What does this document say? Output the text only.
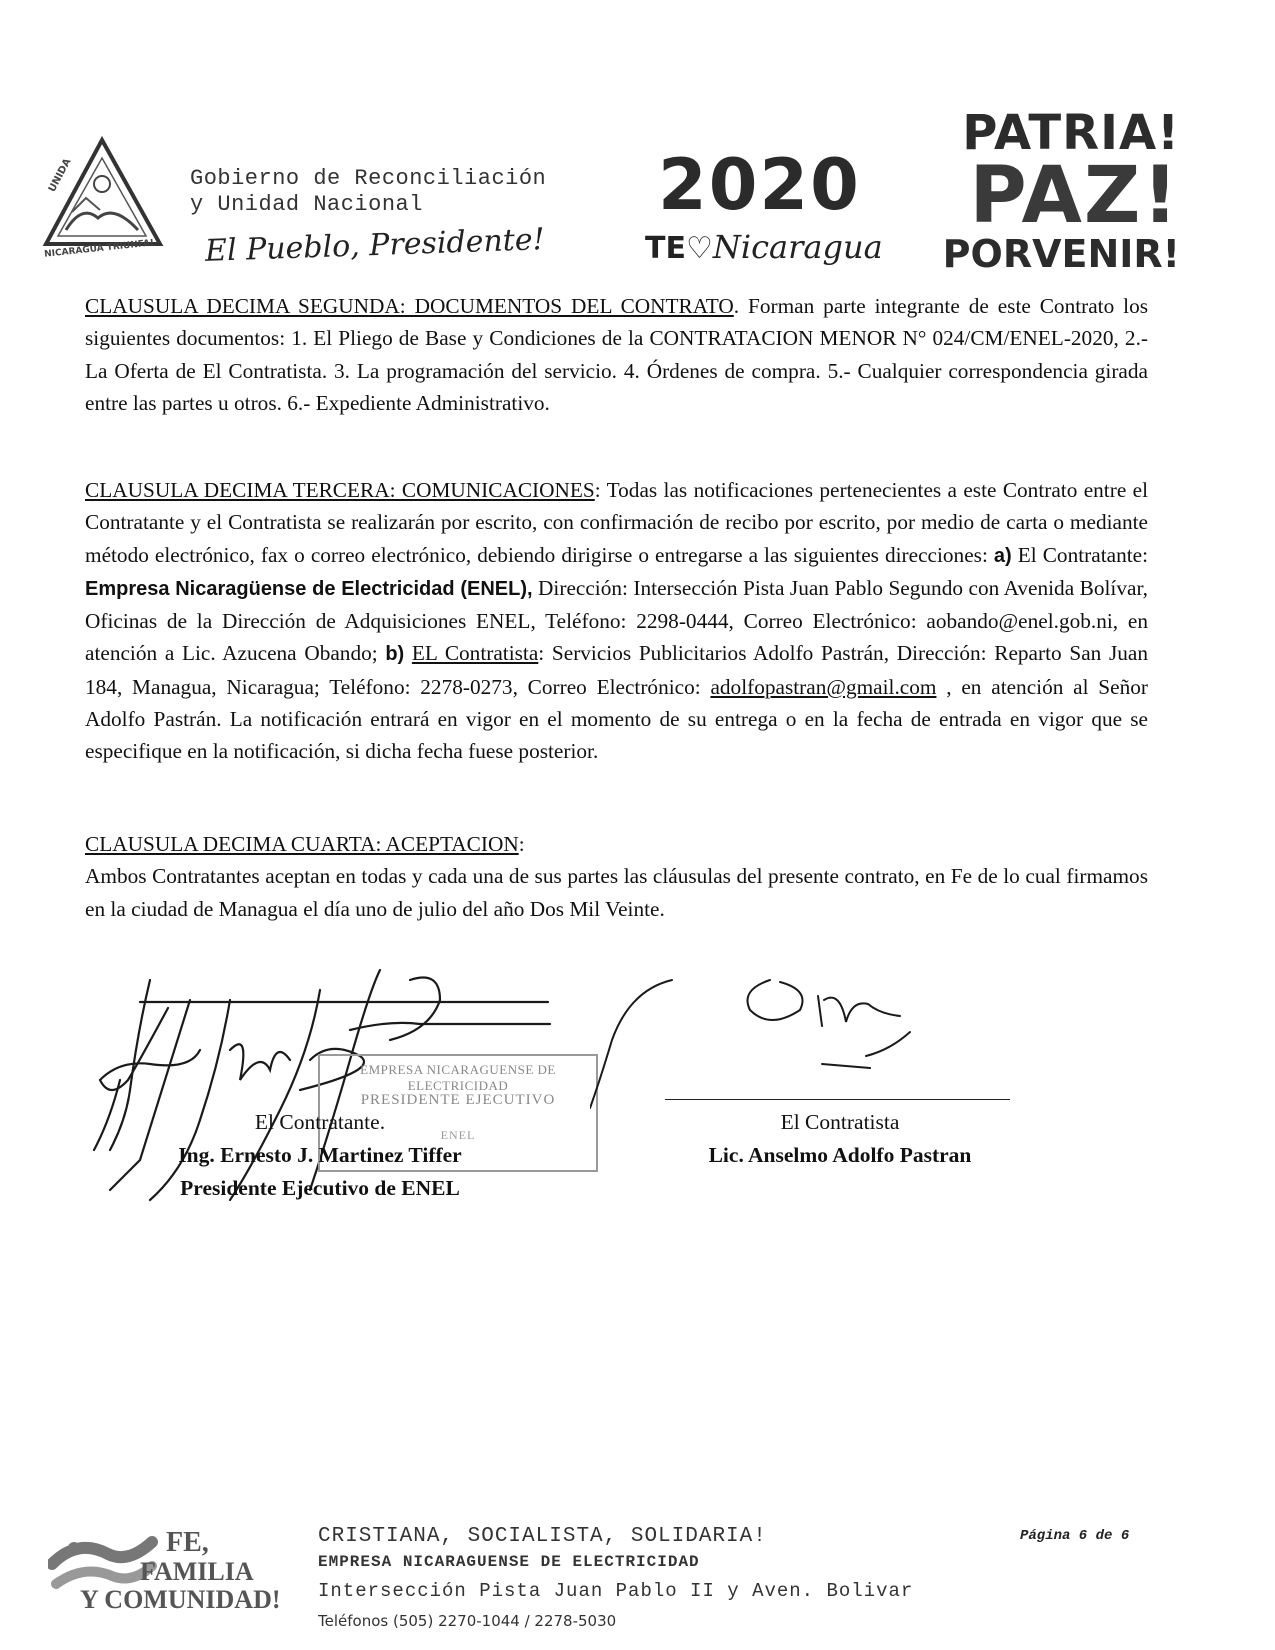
UNIDA
NICARAGUA TRIUNFA!
Gobierno de Reconciliación
y Unidad Nacional
El Pueblo, Presidente!
2020
TE♡Nicaragua
PATRIA!
PAZ!
PORVENIR!
CLAUSULA DECIMA SEGUNDA: DOCUMENTOS DEL CONTRATO. Forman parte integrante de este Contrato los siguientes documentos: 1. El Pliego de Base y Condiciones de la CONTRATACION MENOR N° 024/CM/ENEL-2020, 2.- La Oferta de El Contratista. 3. La programación del servicio. 4. Órdenes de compra. 5.- Cualquier correspondencia girada entre las partes u otros. 6.- Expediente Administrativo.
CLAUSULA DECIMA TERCERA: COMUNICACIONES: Todas las notificaciones pertenecientes a este Contrato entre el Contratante y el Contratista se realizarán por escrito, con confirmación de recibo por escrito, por medio de carta o mediante método electrónico, fax o correo electrónico, debiendo dirigirse o entregarse a las siguientes direcciones: a) El Contratante: Empresa Nicaragüense de Electricidad (ENEL), Dirección: Intersección Pista Juan Pablo Segundo con Avenida Bolívar, Oficinas de la Dirección de Adquisiciones ENEL, Teléfono: 2298-0444, Correo Electrónico: aobando@enel.gob.ni, en atención a Lic. Azucena Obando; b) EL Contratista: Servicios Publicitarios Adolfo Pastrán, Dirección: Reparto San Juan 184, Managua, Nicaragua; Teléfono: 2278-0273, Correo Electrónico: adolfopastran@gmail.com , en atención al Señor Adolfo Pastrán. La notificación entrará en vigor en el momento de su entrega o en la fecha de entrada en vigor que se especifique en la notificación, si dicha fecha fuese posterior.
CLAUSULA DECIMA CUARTA: ACEPTACION:
Ambos Contratantes aceptan en todas y cada una de sus partes las cláusulas del presente contrato, en Fe de lo cual firmamos en la ciudad de Managua el día uno de julio del año Dos Mil Veinte.
EMPRESA NICARAGUENSE DE ELECTRICIDAD
PRESIDENTE EJECUTIVO
ENEL
El Contratante.
Ing. Ernesto J. Martinez Tiffer
Presidente Ejecutivo de ENEL
El Contratista
Lic. Anselmo Adolfo Pastran
FE,
FAMILIA
Y COMUNIDAD!
CRISTIANA, SOCIALISTA, SOLIDARIA!
EMPRESA NICARAGUENSE DE ELECTRICIDAD
Intersección Pista Juan Pablo II y Aven. Bolivar
Teléfonos (505) 2270-1044 / 2278-5030
Página 6 de 6
